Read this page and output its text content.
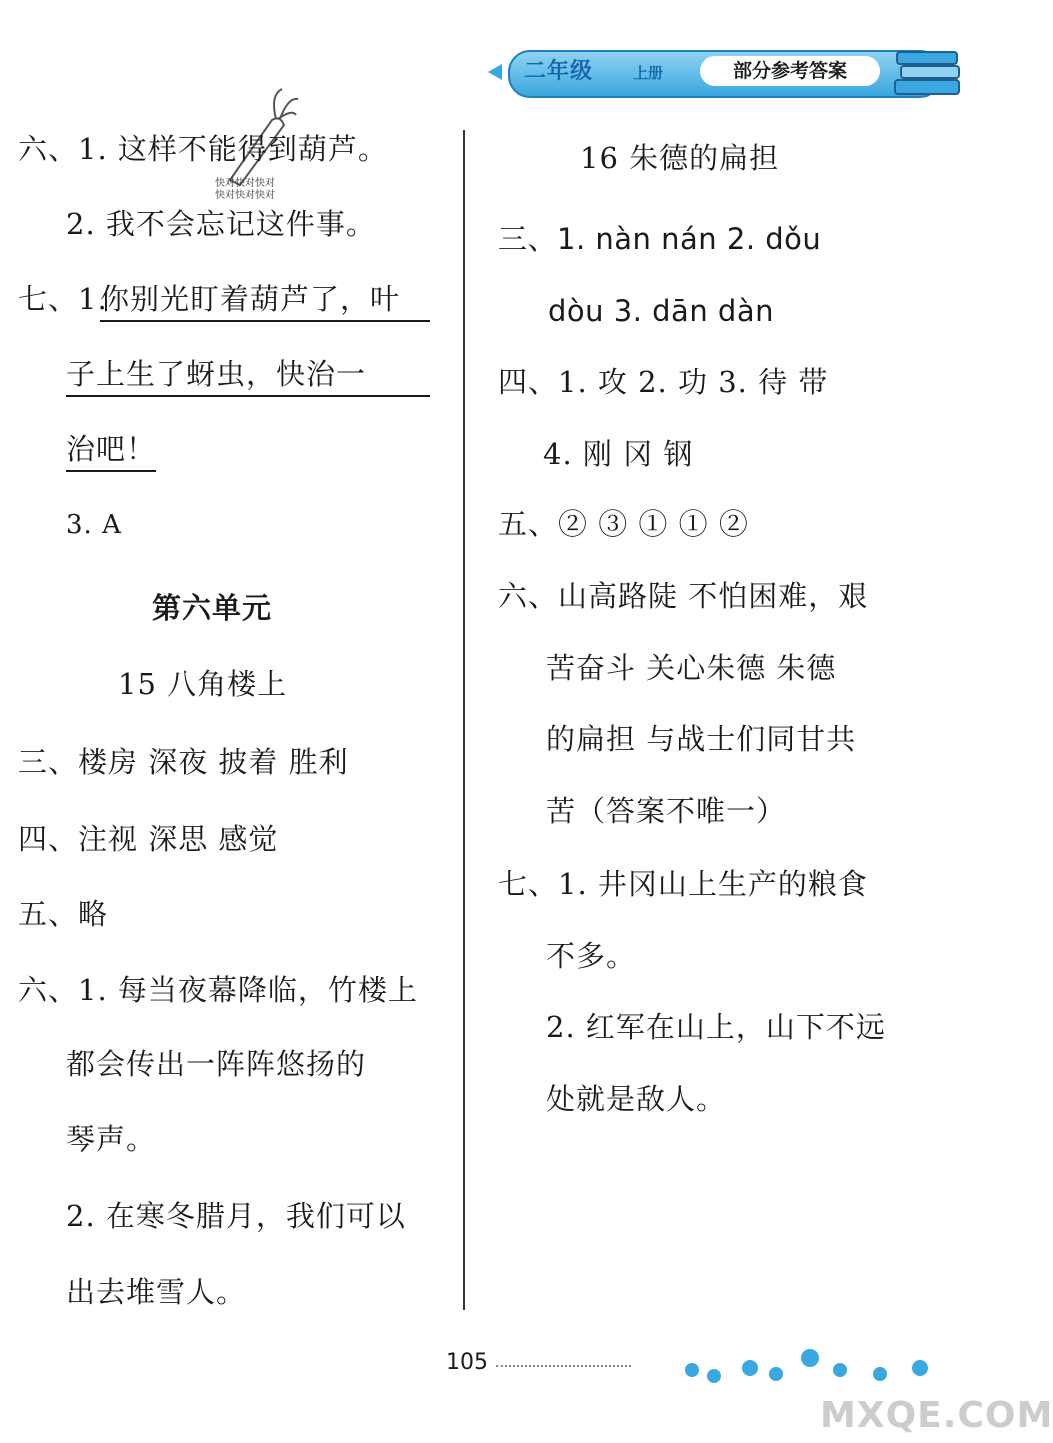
二年级	上册	部分参考答案
快对快对快对
快对快对快对
六、1. 这样不能得到葫芦。
2. 我不会忘记这件事。
七、1.
你别光盯着葫芦了，叶
子上生了蚜虫，快治一
治吧！
3. A
第六单元
15 八角楼上
三、楼房 深夜 披着 胜利
四、注视 深思 感觉
五、略
六、1. 每当夜幕降临，竹楼上
都会传出一阵阵悠扬的
琴声。
2. 在寒冬腊月，我们可以
出去堆雪人。
16 朱德的扁担
三、1. nàn nán 2. dǒu
dòu 3. dān dàn
四、1. 攻 2. 功 3. 待 带
4. 刚 冈 钢
五、② ③ ① ① ②
六、山高路陡 不怕困难，艰
苦奋斗 关心朱德 朱德
的扁担 与战士们同甘共
苦（答案不唯一）
七、1. 井冈山上生产的粮食
不多。
2. 红军在山上，山下不远
处就是敌人。
105
MXQE.COM
